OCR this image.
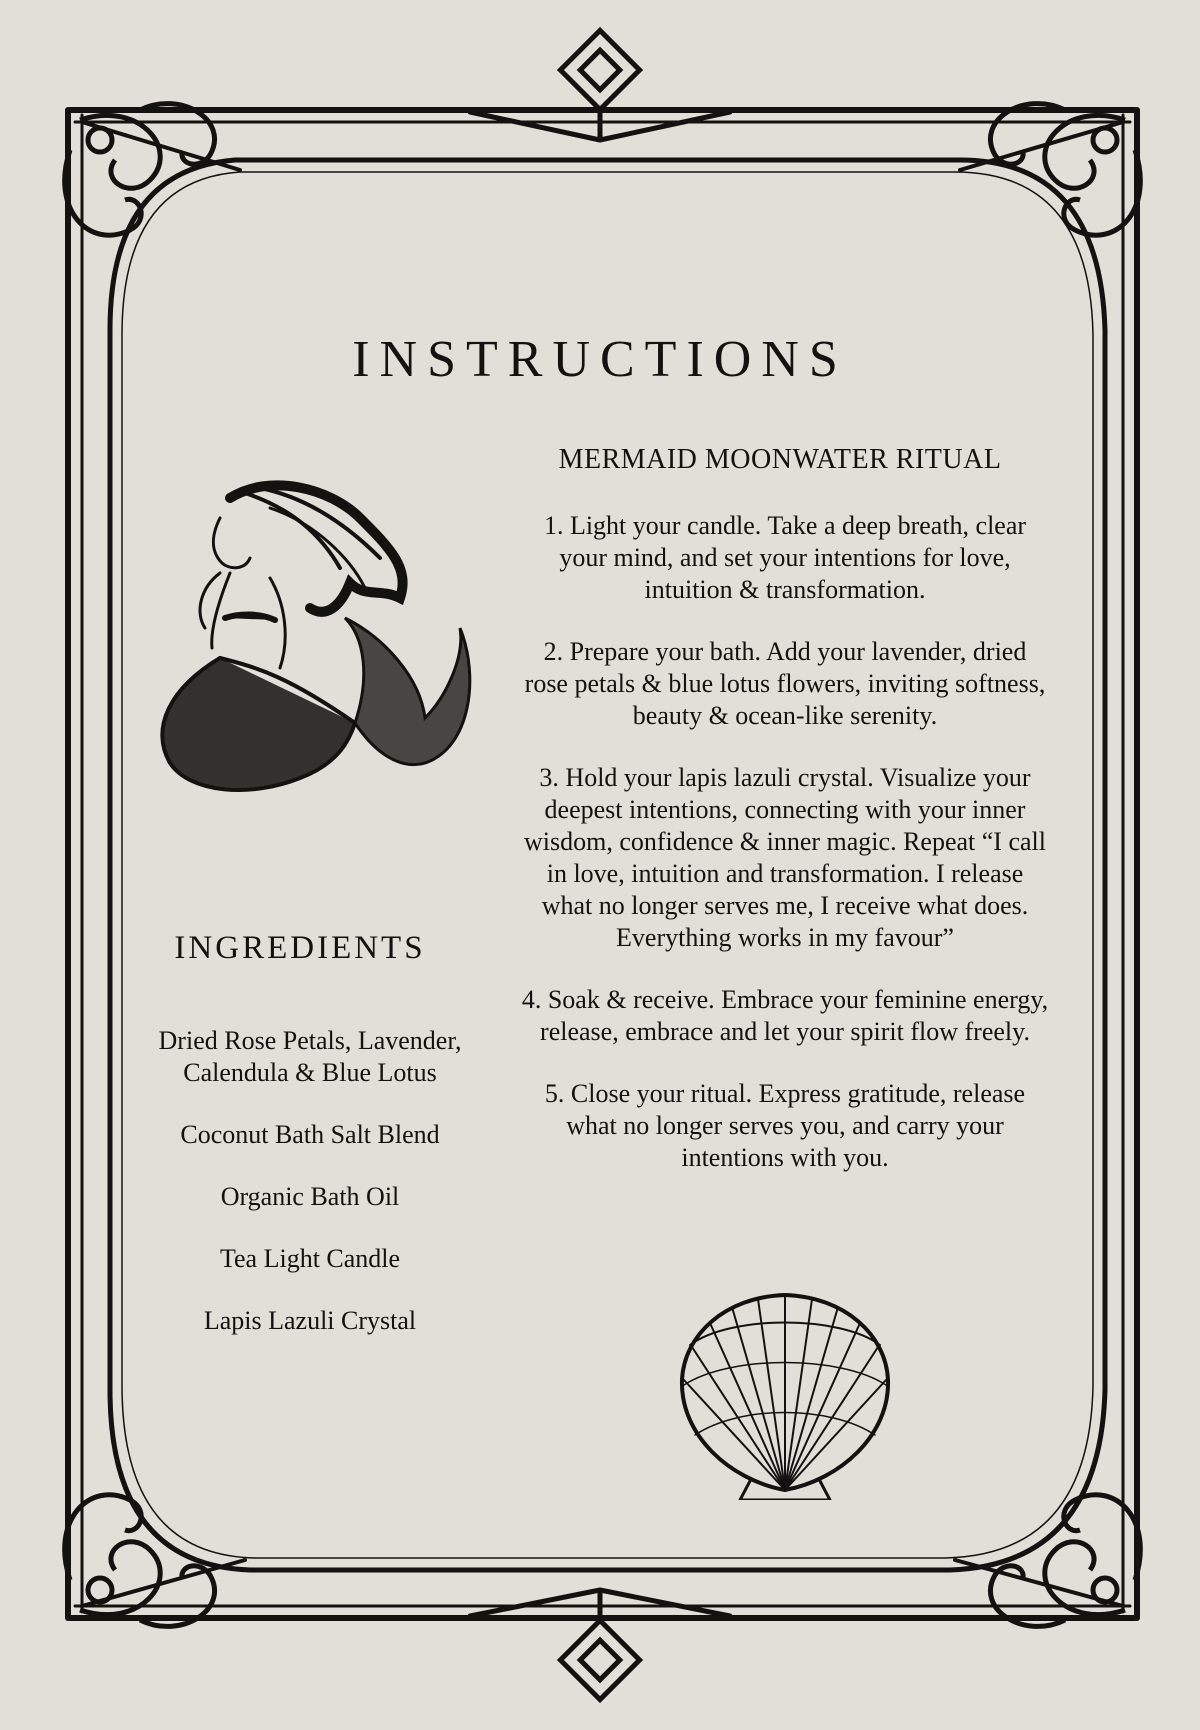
INSTRUCTIONS
MERMAID MOONWATER RITUAL
1. Light your candle. Take a deep breath, clear your mind, and set your intentions for love, intuition & transformation.
2. Prepare your bath. Add your lavender, dried rose petals & blue lotus flowers, inviting softness, beauty & ocean-like serenity.
3. Hold your lapis lazuli crystal. Visualize your deepest intentions, connecting with your inner wisdom, confidence & inner magic. Repeat “I call in love, intuition and transformation. I release what no longer serves me, I receive what does. Everything works in my favour”
4. Soak & receive. Embrace your feminine energy, release, embrace and let your spirit flow freely.
5. Close your ritual. Express gratitude, release what no longer serves you, and carry your intentions with you.
INGREDIENTS
Dried Rose Petals, Lavender, Calendula & Blue Lotus
Coconut Bath Salt Blend
Organic Bath Oil
Tea Light Candle
Lapis Lazuli Crystal
